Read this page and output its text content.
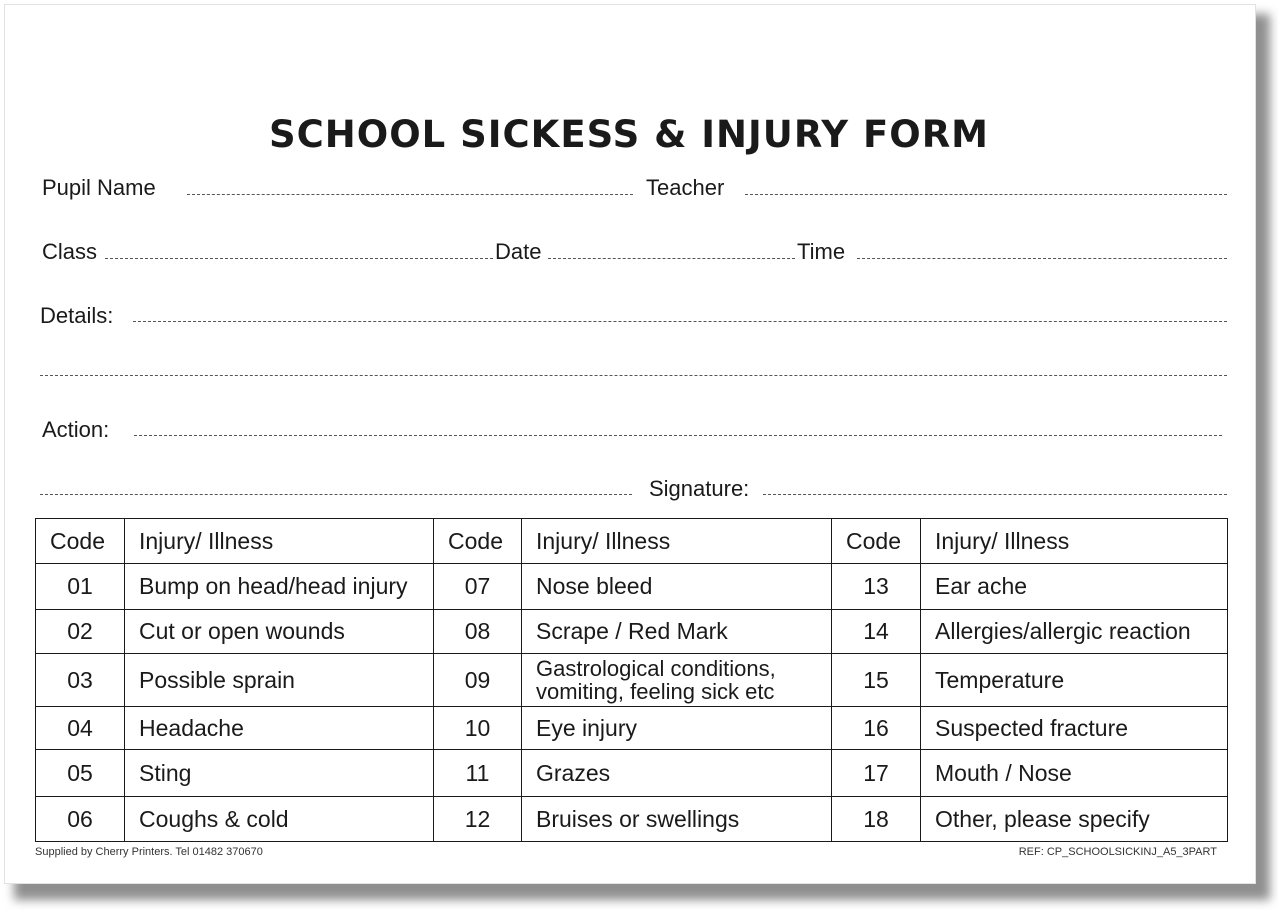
SCHOOL SICKESS & INJURY FORM
Pupil Name	Teacher
Class	Date	Time
Details:
Action:
Signature:
Code	Injury/ Illness	Code	Injury/ Illness	Code	Injury/ Illness
01	Bump on head/head injury	07	Nose bleed	13	Ear ache
02	Cut or open wounds	08	Scrape / Red Mark	14	Allergies/allergic reaction
03	Possible sprain	09	Gastrological conditions, vomiting, feeling sick etc	15	Temperature
04	Headache	10	Eye injury	16	Suspected fracture
05	Sting	11	Grazes	17	Mouth / Nose
06	Coughs & cold	12	Bruises or swellings	18	Other, please specify
Supplied by Cherry Printers. Tel 01482 370670	REF: CP_SCHOOLSICKINJ_A5_3PART
